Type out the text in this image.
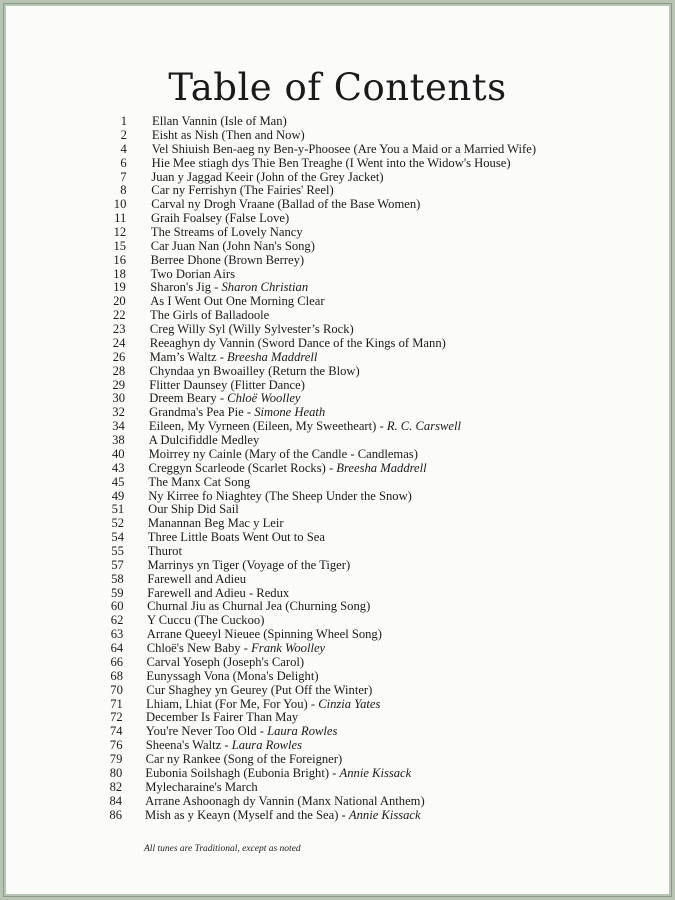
Table of Contents
1 Ellan Vannin (Isle of Man)
2 Eisht as Nish (Then and Now)
4 Vel Shiuish Ben-aeg ny Ben-y-Phoosee (Are You a Maid or a Married Wife)
6 Hie Mee stiagh dys Thie Ben Treaghe (I Went into the Widow's House)
7 Juan y Jaggad Keeir (John of the Grey Jacket)
8 Car ny Ferrishyn (The Fairies' Reel)
10 Carval ny Drogh Vraane (Ballad of the Base Women)
11 Graih Foalsey (False Love)
12 The Streams of Lovely Nancy
15 Car Juan Nan (John Nan's Song)
16 Berree Dhone (Brown Berrey)
18 Two Dorian Airs
19 Sharon's Jig - Sharon Christian
20 As I Went Out One Morning Clear
22 The Girls of Balladoole
23 Creg Willy Syl (Willy Sylvester’s Rock)
24 Reeaghyn dy Vannin (Sword Dance of the Kings of Mann)
26 Mam’s Waltz - Breesha Maddrell
28 Chyndaa yn Bwoailley (Return the Blow)
29 Flitter Daunsey (Flitter Dance)
30 Dreem Beary - Chloë Woolley
32 Grandma's Pea Pie - Simone Heath
34 Eileen, My Vyrneen (Eileen, My Sweetheart) - R. C. Carswell
38 A Dulcifiddle Medley
40 Moirrey ny Cainle (Mary of the Candle - Candlemas)
43 Creggyn Scarleode (Scarlet Rocks) - Breesha Maddrell
45 The Manx Cat Song
49 Ny Kirree fo Niaghtey (The Sheep Under the Snow)
51 Our Ship Did Sail
52 Manannan Beg Mac y Leir
54 Three Little Boats Went Out to Sea
55 Thurot
57 Marrinys yn Tiger (Voyage of the Tiger)
58 Farewell and Adieu
59 Farewell and Adieu - Redux
60 Churnal Jiu as Churnal Jea (Churning Song)
62 Y Cuccu (The Cuckoo)
63 Arrane Queeyl Nieuee (Spinning Wheel Song)
64 Chloë's New Baby - Frank Woolley
66 Carval Yoseph (Joseph's Carol)
68 Eunyssagh Vona (Mona's Delight)
70 Cur Shaghey yn Geurey (Put Off the Winter)
71 Lhiam, Lhiat (For Me, For You) - Cinzia Yates
72 December Is Fairer Than May
74 You're Never Too Old - Laura Rowles
76 Sheena's Waltz - Laura Rowles
79 Car ny Rankee (Song of the Foreigner)
80 Eubonia Soilshagh (Eubonia Bright) - Annie Kissack
82 Mylecharaine's March
84 Arrane Ashoonagh dy Vannin (Manx National Anthem)
86 Mish as y Keayn (Myself and the Sea) - Annie Kissack
All tunes are Traditional, except as noted
